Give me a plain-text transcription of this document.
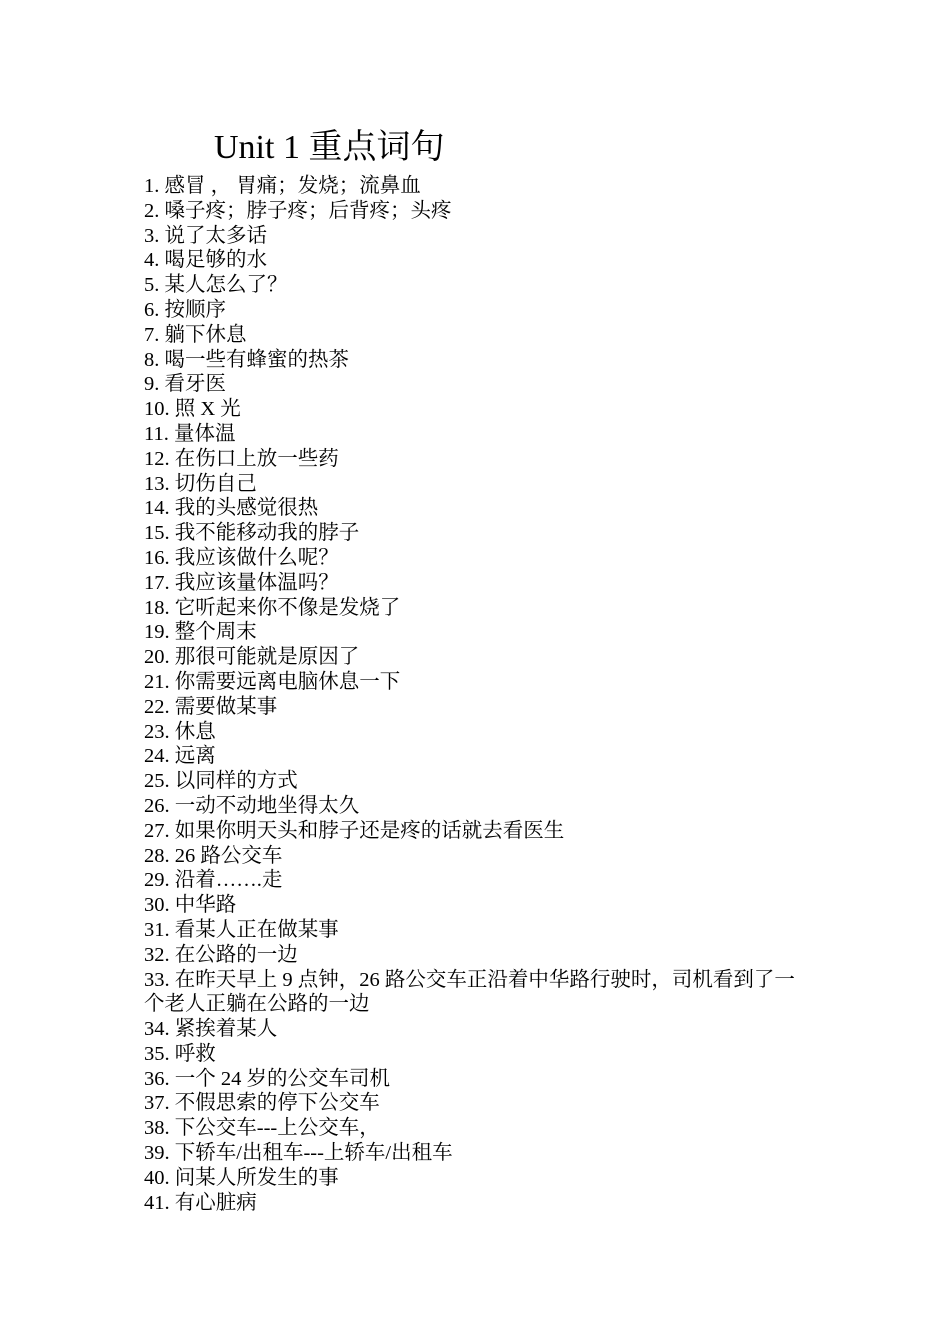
Unit 1 重点词句
1. 感冒 ， 胃痛；发烧；流鼻血
2. 嗓子疼；脖子疼；后背疼；头疼
3. 说了太多话
4. 喝足够的水
5. 某人怎么了？
6. 按顺序
7. 躺下休息
8. 喝一些有蜂蜜的热茶
9. 看牙医
10. 照 X 光
11. 量体温
12. 在伤口上放一些药
13. 切伤自己
14. 我的头感觉很热
15. 我不能移动我的脖子
16. 我应该做什么呢？
17. 我应该量体温吗？
18. 它听起来你不像是发烧了
19. 整个周末
20. 那很可能就是原因了
21. 你需要远离电脑休息一下
22. 需要做某事
23. 休息
24. 远离
25. 以同样的方式
26. 一动不动地坐得太久
27. 如果你明天头和脖子还是疼的话就去看医生
28. 26 路公交车
29. 沿着…….走
30. 中华路
31. 看某人正在做某事
32. 在公路的一边
33. 在昨天早上 9 点钟，26 路公交车正沿着中华路行驶时，司机看到了一个老人正躺在公路的一边
34. 紧挨着某人
35. 呼救
36. 一个 24 岁的公交车司机
37. 不假思索的停下公交车
38. 下公交车---上公交车，
39. 下轿车/出租车---上轿车/出租车
40. 问某人所发生的事
41. 有心脏病
